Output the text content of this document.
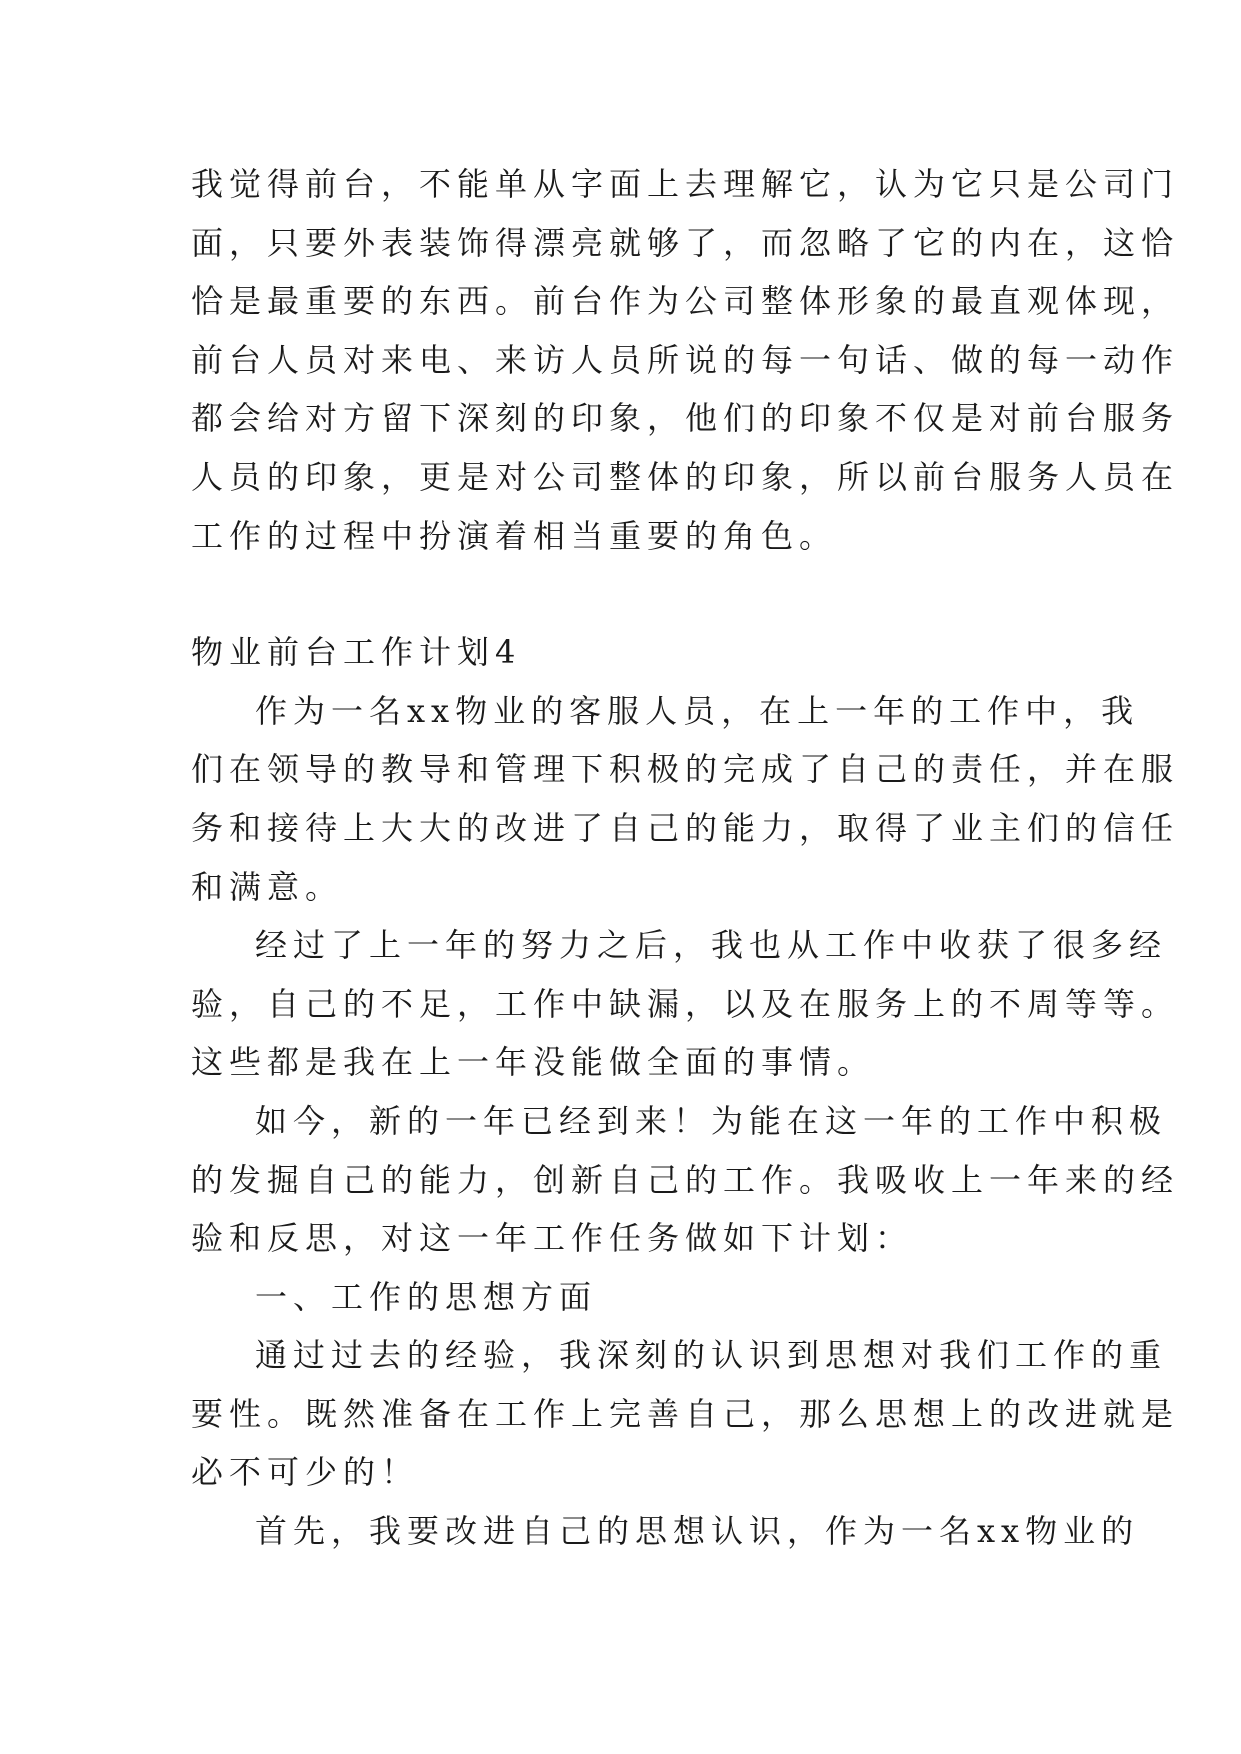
我觉得前台，不能单从字面上去理解它，认为它只是公司门
面，只要外表装饰得漂亮就够了，而忽略了它的内在，这恰
恰是最重要的东西。前台作为公司整体形象的最直观体现，
前台人员对来电、来访人员所说的每一句话、做的每一动作
都会给对方留下深刻的印象，他们的印象不仅是对前台服务
人员的印象，更是对公司整体的印象，所以前台服务人员在
工作的过程中扮演着相当重要的角色。
物业前台工作计划4
作为一名xx物业的客服人员，在上一年的工作中，我
们在领导的教导和管理下积极的完成了自己的责任，并在服
务和接待上大大的改进了自己的能力，取得了业主们的信任
和满意。
经过了上一年的努力之后，我也从工作中收获了很多经
验，自己的不足，工作中缺漏，以及在服务上的不周等等。
这些都是我在上一年没能做全面的事情。
如今，新的一年已经到来！为能在这一年的工作中积极
的发掘自己的能力，创新自己的工作。我吸收上一年来的经
验和反思，对这一年工作任务做如下计划：
一、工作的思想方面
通过过去的经验，我深刻的认识到思想对我们工作的重
要性。既然准备在工作上完善自己，那么思想上的改进就是
必不可少的！
首先，我要改进自己的思想认识，作为一名xx物业的
